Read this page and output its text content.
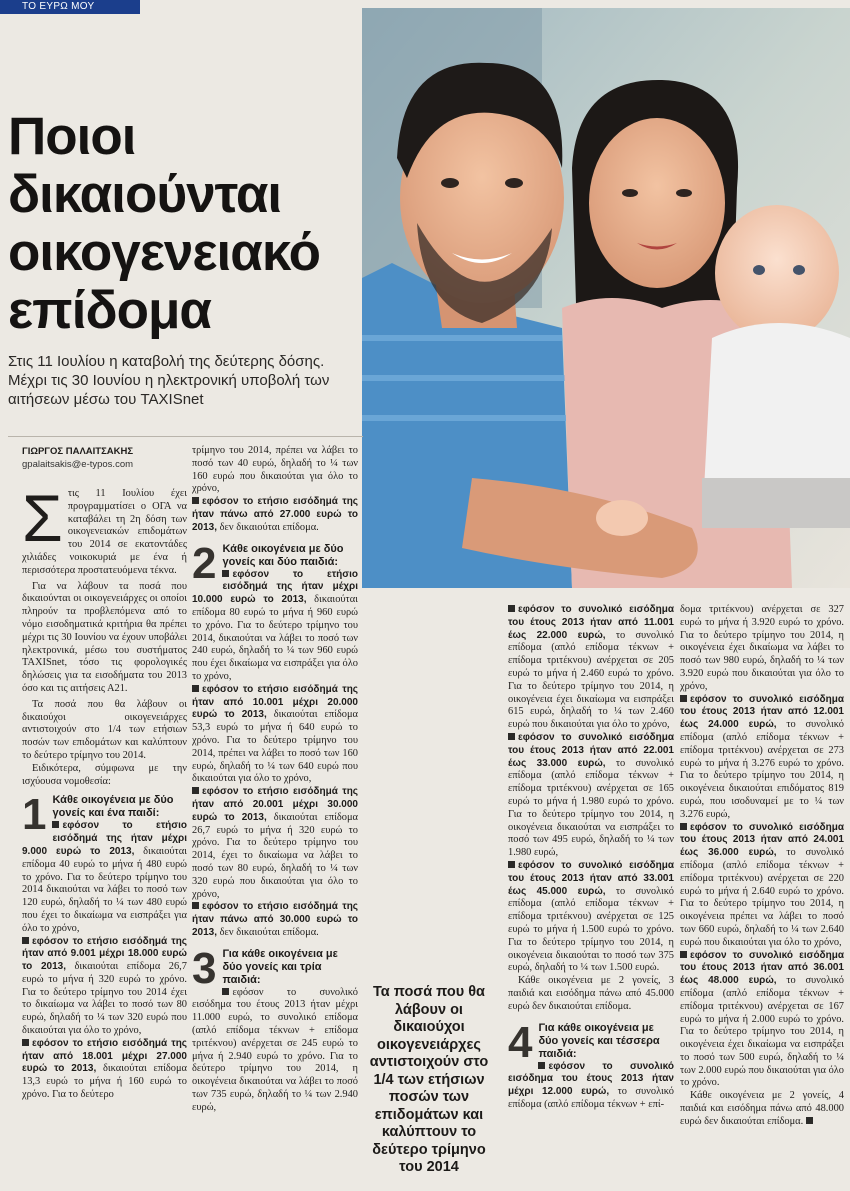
ΤΟ ΕΥΡΩ ΜΟΥ
Ποιοι
δικαιούνται
οικογενειακό
επίδομα
Στις 11 Ιουλίου η καταβολή της δεύτερης δόσης. Μέχρι τις 30 Ιουνίου η ηλεκτρονική υποβολή των αιτήσεων μέσω του TAXISnet
ΓΙΩΡΓΟΣ ΠΑΛΑΙΤΣΑΚΗΣ
gpalaitsakis@e-typos.com

Στις 11 Ιουλίου έχει προγραμματίσει ο ΟΓΑ να καταβάλει τη 2η δόση των οικογενειακών επιδομάτων του 2014 σε εκατοντάδες χιλιάδες νοικοκυριά με ένα ή περισσότερα προστατευόμενα τέκνα.

Για να λάβουν τα ποσά που δικαιούνται οι οικογενειάρχες οι οποίοι πληρούν τα προβλεπόμενα από το νόμο εισοδηματικά κριτήρια θα πρέπει μέχρι τις 30 Ιουνίου να έχουν υποβάλει ηλεκτρονικά, μέσω του συστήματος TAXISnet, τόσο τις φορολογικές δηλώσεις για τα εισοδήματα του 2013 όσο και τις αιτήσεις Α21.

Τα ποσά που θα λάβουν οι δικαιούχοι οικογενειάρχες αντιστοιχούν στο 1/4 των ετήσιων ποσών των επιδομάτων και καλύπτουν το δεύτερο τρίμηνο του 2014.

Ειδικότερα, σύμφωνα με την ισχύουσα νομοθεσία:

1 Κάθε οικογένεια με δύο γονείς και ένα παιδί:

εφόσον το ετήσιο εισόδημά της ήταν μέχρι 9.000 ευρώ το 2013, δικαιούται επίδομα 40 ευρώ το μήνα ή 480 ευρώ το χρόνο. Για το δεύτερο τρίμηνο του 2014 δικαιούται να λάβει το ποσό των 120 ευρώ, δηλαδή το ¼ των 480 ευρώ που έχει το δικαίωμα να εισπράξει για όλο το χρόνο,

εφόσον το ετήσιο εισόδημά της ήταν από 9.001 μέχρι 18.000 ευρώ το 2013, δικαιούται επίδομα 26,7 ευρώ το μήνα ή 320 ευρώ το χρόνο. Για το δεύτερο τρίμηνο του 2014 έχει το δικαίωμα να λάβει το ποσό των 80 ευρώ, δηλαδή το ¼ των 320 ευρώ που δικαιούται για όλο το χρόνο,

εφόσον το ετήσιο εισόδημά της ήταν από 18.001 μέχρι 27.000 ευρώ το 2013, δικαιούται επίδομα 13,3 ευρώ το μήνα ή 160 ευρώ το χρόνο. Για το δεύτερο

τρίμηνο του 2014, πρέπει να λάβει το ποσό των 40 ευρώ, δηλαδή το ¼ των 160 ευρώ που δικαιούται για όλο το χρόνο,

εφόσον το ετήσιο εισόδημά της ήταν πάνω από 27.000 ευρώ το 2013, δεν δικαιούται επίδομα.

2 Κάθε οικογένεια με δύο γονείς και δύο παιδιά:

εφόσον το ετήσιο εισόδημά της ήταν μέχρι 10.000 ευρώ το 2013, δικαιούται επίδομα 80 ευρώ το μήνα ή 960 ευρώ το χρόνο. Για το δεύτερο τρίμηνο του 2014, δικαιούται να λάβει το ποσό των 240 ευρώ, δηλαδή το ¼ των 960 ευρώ που έχει δικαίωμα να εισπράξει για όλο το χρόνο,

εφόσον το ετήσιο εισόδημά της ήταν από 10.001 μέχρι 20.000 ευρώ το 2013, δικαιούται επίδομα 53,3 ευρώ το μήνα ή 640 ευρώ το χρόνο. Για το δεύτερο τρίμηνο του 2014, πρέπει να λάβει το ποσό των 160 ευρώ, δηλαδή το ¼ των 640 ευρώ που δικαιούται για όλο το χρόνο,

εφόσον το ετήσιο εισόδημά της ήταν από 20.001 μέχρι 30.000 ευρώ το 2013, δικαιούται επίδομα 26,7 ευρώ το μήνα ή 320 ευρώ το χρόνο. Για το δεύτερο τρίμηνο του 2014, έχει το δικαίωμα να λάβει το ποσό των 80 ευρώ, δηλαδή το ¼ των 320 ευρώ που δικαιούται για όλο το χρόνο,

εφόσον το ετήσιο εισόδημά της ήταν πάνω από 30.000 ευρώ το 2013, δεν δικαιούται επίδομα.

3 Για κάθε οικογένεια με δύο γονείς και τρία παιδιά:

εφόσον το συνολικό εισόδημα του έτους 2013 ήταν μέχρι 11.000 ευρώ, το συνολικό επίδομα (απλό επίδομα τέκνων + επίδομα τριτέκνου) ανέρχεται σε 245 ευρώ το μήνα ή 2.940 ευρώ το χρόνο. Για το δεύτερο τρίμηνο του 2014, η οικογένεια δικαιούται να λάβει το ποσό των 735 ευρώ, δηλαδή το ¼ των 2.940 ευρώ,

Τα ποσά που θα λάβουν οι δικαιούχοι οικογενειάρχες αντιστοιχούν στο 1/4 των ετήσιων ποσών των επιδομάτων και καλύπτουν το δεύτερο τρίμηνο του 2014

εφόσον το συνολικό εισόδημα του έτους 2013 ήταν από 11.001 έως 22.000 ευρώ, το συνολικό επίδομα (απλό επίδομα τέκνων + επίδομα τριτέκνου) ανέρχεται σε 205 ευρώ το μήνα ή 2.460 ευρώ το χρόνο. Για το δεύτερο τρίμηνο του 2014, η οικογένεια έχει δικαίωμα να εισπράξει 615 ευρώ, δηλαδή το ¼ των 2.460 ευρώ που δικαιούται για όλο το χρόνο,

εφόσον το συνολικό εισόδημα του έτους 2013 ήταν από 22.001 έως 33.000 ευρώ, το συνολικό επίδομα (απλό επίδομα τέκνων + επίδομα τριτέκνου) ανέρχεται σε 165 ευρώ το μήνα ή 1.980 ευρώ το χρόνο. Για το δεύτερο τρίμηνο του 2014, η οικογένεια δικαιούται να εισπράξει το ποσό των 495 ευρώ, δηλαδή το ¼ των 1.980 ευρώ,

εφόσον το συνολικό εισόδημα του έτους 2013 ήταν από 33.001 έως 45.000 ευρώ, το συνολικό επίδομα (απλό επίδομα τέκνων + επίδομα τριτέκνου) ανέρχεται σε 125 ευρώ το μήνα ή 1.500 ευρώ το χρόνο. Για το δεύτερο τρίμηνο του 2014, η οικογένεια δικαιούται το ποσό των 375 ευρώ, δηλαδή το ¼ των 1.500 ευρώ.

Κάθε οικογένεια με 2 γονείς, 3 παιδιά και εισόδημα πάνω από 45.000 ευρώ δεν δικαιούται επίδομα.

4 Για κάθε οικογένεια με δύο γονείς και τέσσερα παιδιά:

εφόσον το συνολικό εισόδημα του έτους 2013 ήταν μέχρι 12.000 ευρώ, το συνολικό επίδομα (απλό επίδομα τέκνων + επί-

δομα τριτέκνου) ανέρχεται σε 327 ευρώ το μήνα ή 3.920 ευρώ το χρόνο. Για το δεύτερο τρίμηνο του 2014, η οικογένεια έχει δικαίωμα να λάβει το ποσό των 980 ευρώ, δηλαδή το ¼ των 3.920 ευρώ που δικαιούται για όλο το χρόνο,

εφόσον το συνολικό εισόδημα του έτους 2013 ήταν από 12.001 έως 24.000 ευρώ, το συνολικό επίδομα (απλό επίδομα τέκνων + επίδομα τριτέκνου) ανέρχεται σε 273 ευρώ το μήνα ή 3.276 ευρώ το χρόνο. Για το δεύτερο τρίμηνο του 2014, η οικογένεια δικαιούται επιδόματος 819 ευρώ, που ισοδυναμεί με το ¼ των 3.276 ευρώ,

εφόσον το συνολικό εισόδημα του έτους 2013 ήταν από 24.001 έως 36.000 ευρώ, το συνολικό επίδομα (απλό επίδομα τέκνων + επίδομα τριτέκνου) ανέρχεται σε 220 ευρώ το μήνα ή 2.640 ευρώ το χρόνο. Για το δεύτερο τρίμηνο του 2014, η οικογένεια πρέπει να λάβει το ποσό των 660 ευρώ, δηλαδή το ¼ των 2.640 ευρώ που δικαιούται για όλο το χρόνο,

εφόσον το συνολικό εισόδημα του έτους 2013 ήταν από 36.001 έως 48.000 ευρώ, το συνολικό επίδομα (απλό επίδομα τέκνων + επίδομα τριτέκνου) ανέρχεται σε 167 ευρώ το μήνα ή 2.000 ευρώ το χρόνο. Για το δεύτερο τρίμηνο του 2014, η οικογένεια έχει δικαίωμα να εισπράξει το ποσό των 500 ευρώ, δηλαδή το ¼ των 2.000 ευρώ που δικαιούται για όλο το χρόνο.

Κάθε οικογένεια με 2 γονείς, 4 παιδιά και εισόδημα πάνω από 48.000 ευρώ δεν δικαιούται επίδομα.
